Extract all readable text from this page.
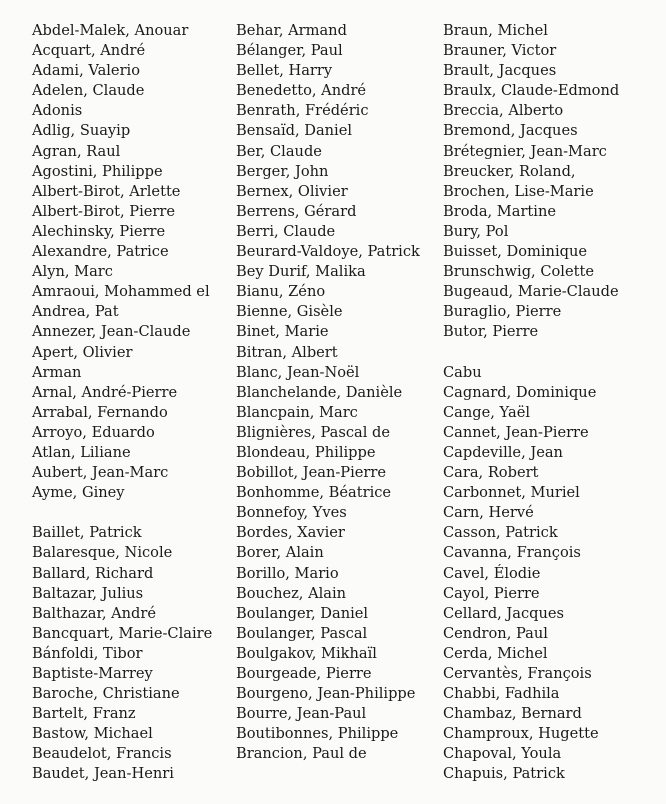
Abdel-Malek, Anouar
Acquart, André
Adami, Valerio
Adelen, Claude
Adonis
Adlig, Suayip
Agran, Raul
Agostini, Philippe
Albert-Birot, Arlette
Albert-Birot, Pierre
Alechinsky, Pierre
Alexandre, Patrice
Alyn, Marc
Amraoui, Mohammed el
Andrea, Pat
Annezer, Jean-Claude
Apert, Olivier
Arman
Arnal, André-Pierre
Arrabal, Fernando
Arroyo, Eduardo
Atlan, Liliane
Aubert, Jean-Marc
Ayme, Giney
Baillet, Patrick
Balaresque, Nicole
Ballard, Richard
Baltazar, Julius
Balthazar, André
Bancquart, Marie-Claire
Bánfoldi, Tibor
Baptiste-Marrey
Baroche, Christiane
Bartelt, Franz
Bastow, Michael
Beaudelot, Francis
Baudet, Jean-Henri
Behar, Armand
Bélanger, Paul
Bellet, Harry
Benedetto, André
Benrath, Frédéric
Bensaïd, Daniel
Ber, Claude
Berger, John
Bernex, Olivier
Berrens, Gérard
Berri, Claude
Beurard-Valdoye, Patrick
Bey Durif, Malika
Bianu, Zéno
Bienne, Gisèle
Binet, Marie
Bitran, Albert
Blanc, Jean-Noël
Blanchelande, Danièle
Blancpain, Marc
Blignières, Pascal de
Blondeau, Philippe
Bobillot, Jean-Pierre
Bonhomme, Béatrice
Bonnefoy, Yves
Bordes, Xavier
Borer, Alain
Borillo, Mario
Bouchez, Alain
Boulanger, Daniel
Boulanger, Pascal
Boulgakov, Mikhaïl
Bourgeade, Pierre
Bourgeno, Jean-Philippe
Bourre, Jean-Paul
Boutibonnes, Philippe
Brancion, Paul de
Braun, Michel
Brauner, Victor
Brault, Jacques
Braulx, Claude-Edmond
Breccia, Alberto
Bremond, Jacques
Brétegnier, Jean-Marc
Breucker, Roland,
Brochen, Lise-Marie
Broda, Martine
Bury, Pol
Buisset, Dominique
Brunschwig, Colette
Bugeaud, Marie-Claude
Buraglio, Pierre
Butor, Pierre
Cabu
Cagnard, Dominique
Cange, Yaël
Cannet, Jean-Pierre
Capdeville, Jean
Cara, Robert
Carbonnet, Muriel
Carn, Hervé
Casson, Patrick
Cavanna, François
Cavel, Élodie
Cayol, Pierre
Cellard, Jacques
Cendron, Paul
Cerda, Michel
Cervantès, François
Chabbi, Fadhila
Chambaz, Bernard
Champroux, Hugette
Chapoval, Youla
Chapuis, Patrick
